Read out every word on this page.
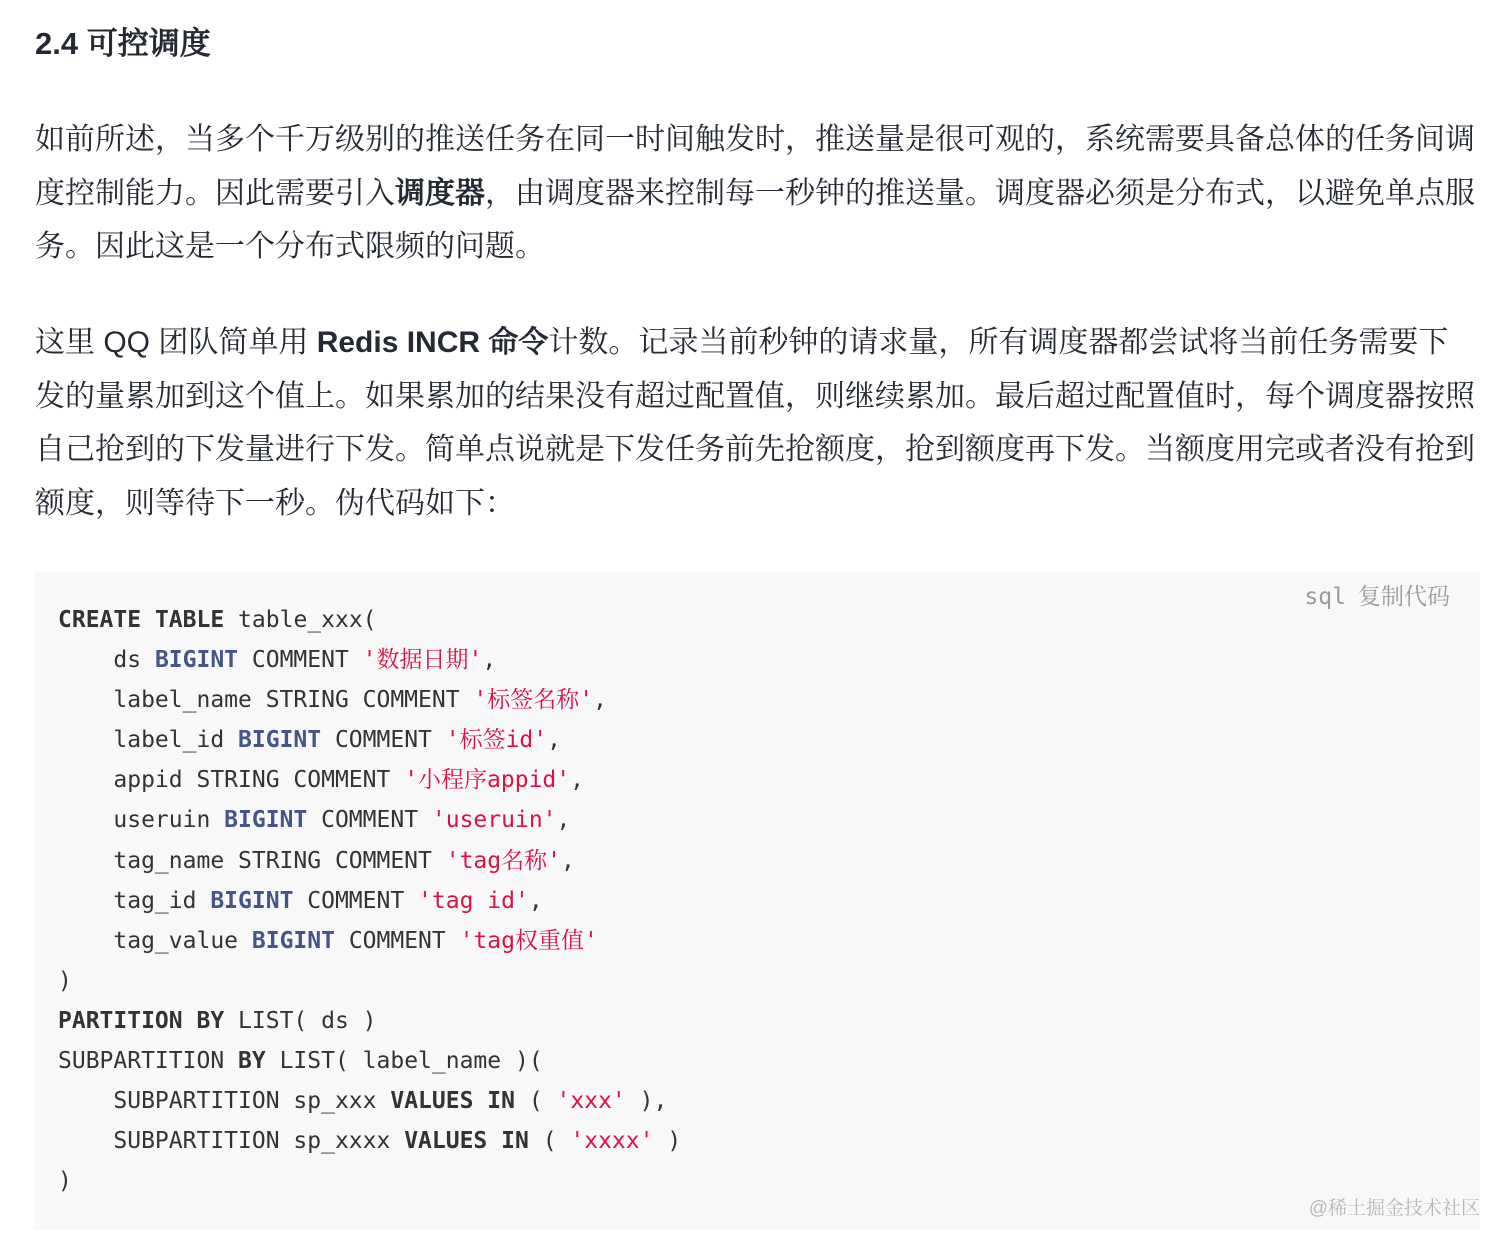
2.4 可控调度

如前所述，当多个千万级别的推送任务在同一时间触发时，推送量是很可观的，系统需要具备总体的任务间调度控制能力。因此需要引入调度器，由调度器来控制每一秒钟的推送量。调度器必须是分布式，以避免单点服务。因此这是一个分布式限频的问题。

这里 QQ 团队简单用 Redis INCR 命令计数。记录当前秒钟的请求量，所有调度器都尝试将当前任务需要下发的量累加到这个值上。如果累加的结果没有超过配置值，则继续累加。最后超过配置值时，每个调度器按照自己抢到的下发量进行下发。简单点说就是下发任务前先抢额度，抢到额度再下发。当额度用完或者没有抢到额度，则等待下一秒。伪代码如下：

sql 复制代码
CREATE TABLE table_xxx(
ds BIGINT COMMENT '数据日期',
label_name STRING COMMENT '标签名称',
label_id BIGINT COMMENT '标签id',
appid STRING COMMENT '小程序appid',
useruin BIGINT COMMENT 'useruin',
tag_name STRING COMMENT 'tag名称',
tag_id BIGINT COMMENT 'tag id',
tag_value BIGINT COMMENT 'tag权重值'
)
PARTITION BY LIST( ds )
SUBPARTITION BY LIST( label_name )(
SUBPARTITION sp_xxx VALUES IN ( 'xxx' ),
SUBPARTITION sp_xxxx VALUES IN ( 'xxxx' )
)
@稀土掘金技术社区
